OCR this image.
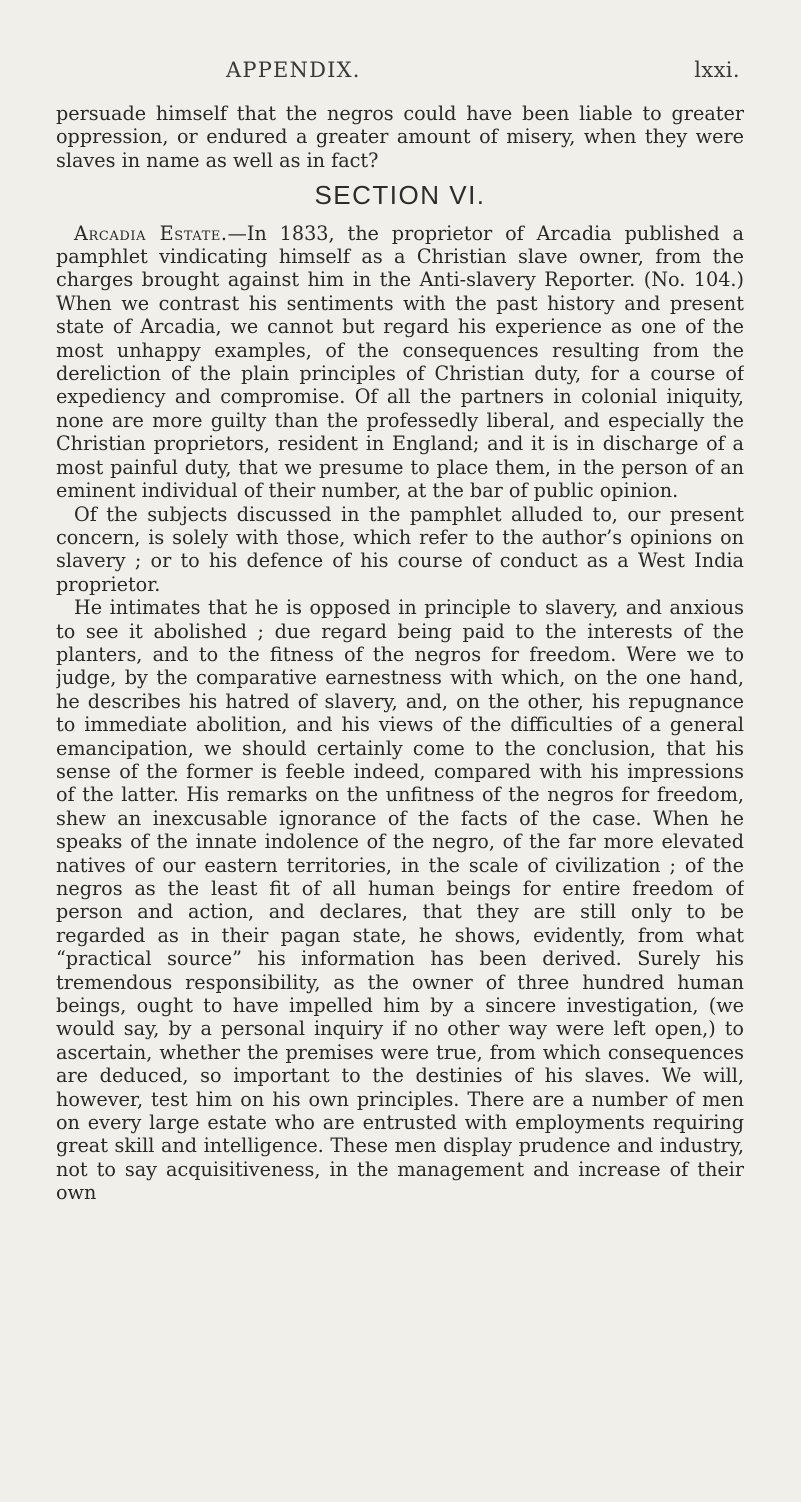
APPENDIX.	lxxi.

persuade himself that the negros could have been liable to greater oppression, or endured a greater amount of misery, when they were slaves in name as well as in fact?

SECTION VI.

Arcadia Estate.—In 1833, the proprietor of Arcadia published a pamphlet vindicating himself as a Christian slave owner, from the charges brought against him in the Anti-slavery Reporter. (No. 104.) When we contrast his sentiments with the past history and present state of Arcadia, we cannot but regard his experience as one of the most unhappy examples, of the consequences resulting from the dereliction of the plain principles of Christian duty, for a course of expediency and compromise. Of all the partners in colonial iniquity, none are more guilty than the professedly liberal, and especially the Christian proprietors, resident in England; and it is in discharge of a most painful duty, that we presume to place them, in the person of an eminent individual of their number, at the bar of public opinion.

Of the subjects discussed in the pamphlet alluded to, our present concern, is solely with those, which refer to the author’s opinions on slavery ; or to his defence of his course of conduct as a West India proprietor.

He intimates that he is opposed in principle to slavery, and anxious to see it abolished ; due regard being paid to the interests of the planters, and to the fitness of the negros for freedom. Were we to judge, by the comparative earnestness with which, on the one hand, he describes his hatred of slavery, and, on the other, his repugnance to immediate abolition, and his views of the difficulties of a general emancipation, we should certainly come to the conclusion, that his sense of the former is feeble indeed, compared with his impressions of the latter. His remarks on the unfitness of the negros for freedom, shew an inexcusable ignorance of the facts of the case. When he speaks of the innate indolence of the negro, of the far more elevated natives of our eastern territories, in the scale of civilization ; of the negros as the least fit of all human beings for entire freedom of person and action, and declares, that they are still only to be regarded as in their pagan state, he shows, evidently, from what “practical source” his information has been derived. Surely his tremendous responsibility, as the owner of three hundred human beings, ought to have impelled him by a sincere investigation, (we would say, by a personal inquiry if no other way were left open,) to ascertain, whether the premises were true, from which consequences are deduced, so important to the destinies of his slaves. We will, however, test him on his own principles. There are a number of men on every large estate who are entrusted with employments requiring great skill and intelligence. These men display prudence and industry, not to say acquisitiveness, in the management and increase of their own
